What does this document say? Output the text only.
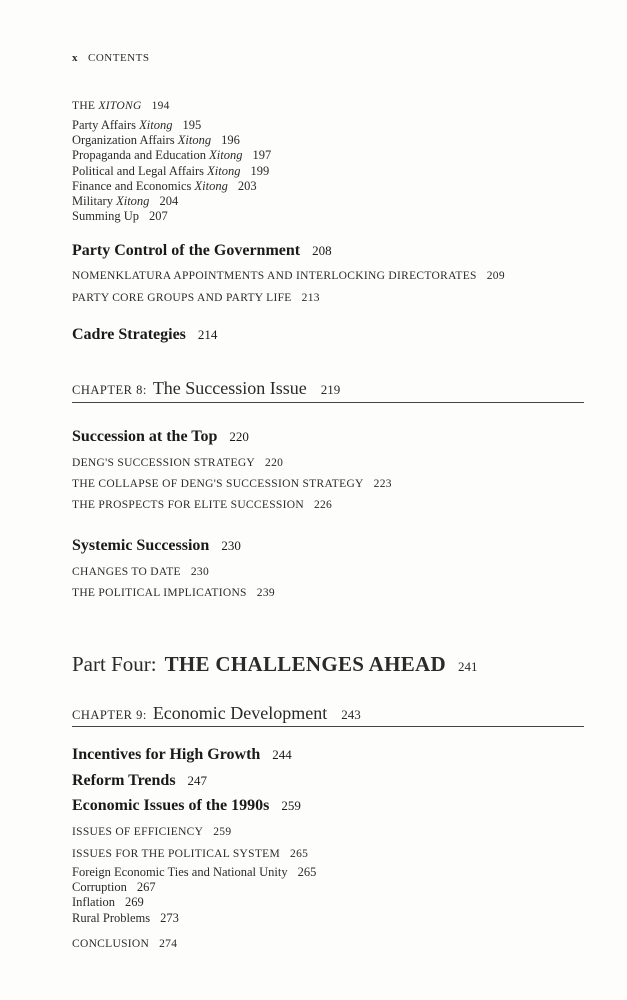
x CONTENTS
THE XITONG 194
Party Affairs Xitong 195
Organization Affairs Xitong 196
Propaganda and Education Xitong 197
Political and Legal Affairs Xitong 199
Finance and Economics Xitong 203
Military Xitong 204
Summing Up 207
Party Control of the Government 208
NOMENKLATURA APPOINTMENTS AND INTERLOCKING DIRECTORATES 209
PARTY CORE GROUPS AND PARTY LIFE 213
Cadre Strategies 214
CHAPTER 8: The Succession Issue 219
Succession at the Top 220
DENG'S SUCCESSION STRATEGY 220
THE COLLAPSE OF DENG'S SUCCESSION STRATEGY 223
THE PROSPECTS FOR ELITE SUCCESSION 226
Systemic Succession 230
CHANGES TO DATE 230
THE POLITICAL IMPLICATIONS 239
Part Four: THE CHALLENGES AHEAD 241
CHAPTER 9: Economic Development 243
Incentives for High Growth 244
Reform Trends 247
Economic Issues of the 1990s 259
ISSUES OF EFFICIENCY 259
ISSUES FOR THE POLITICAL SYSTEM 265
Foreign Economic Ties and National Unity 265
Corruption 267
Inflation 269
Rural Problems 273
CONCLUSION 274
